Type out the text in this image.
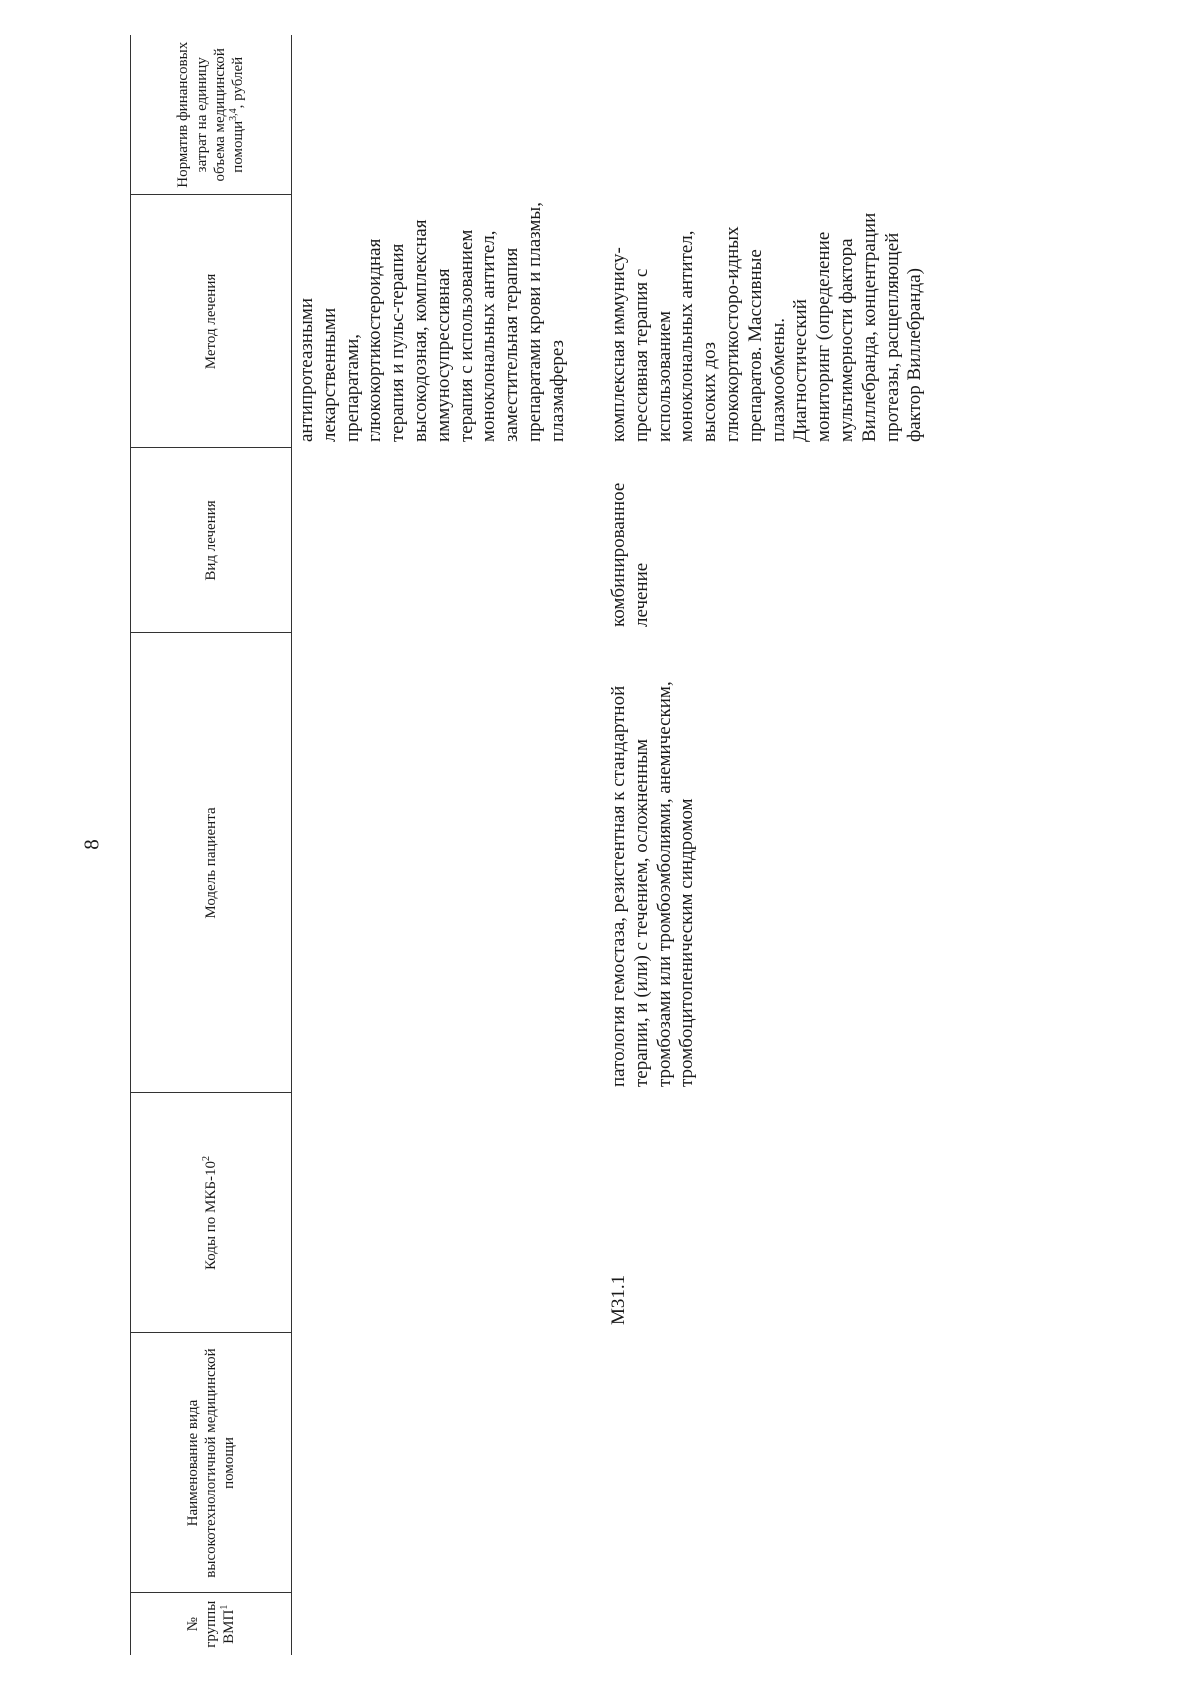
8
№ группы ВМП$^1$	Наименование вида высокотехнологичной медицинской помощи	Коды по МКБ-$10^2$	Модель пациента	Вид лечения	Метод лечения	Норматив финансовых затрат на единицу объема медицинской помощи$^{3,4}$, рублей
					антипротеазными лекарственными препаратами, глюкокортикостероидная терапия и пульс-терапия высокодозная, комплексная иммуносупрессивная терапия с использованием моноклональных антител, заместительная терапия препаратами крови и плазмы, плазмаферез	
		M31.1	патология гемостаза, резистентная к стандартной терапии, и (или) с течением, осложненным тромбозами или тромбоэмболиями, анемическим, тромбоцитопеническим синдромом	комбинированное лечение	комплексная иммунису-прессивная терапия с использованием моноклональных антител, высоких доз глюкокортикосторо-идных препаратов. Массивные плазмообмены. Диагностический мониторинг (определение мультимерности фактора Виллебранда, концентрации протеазы, расщепляющей фактор Виллебранда)	
